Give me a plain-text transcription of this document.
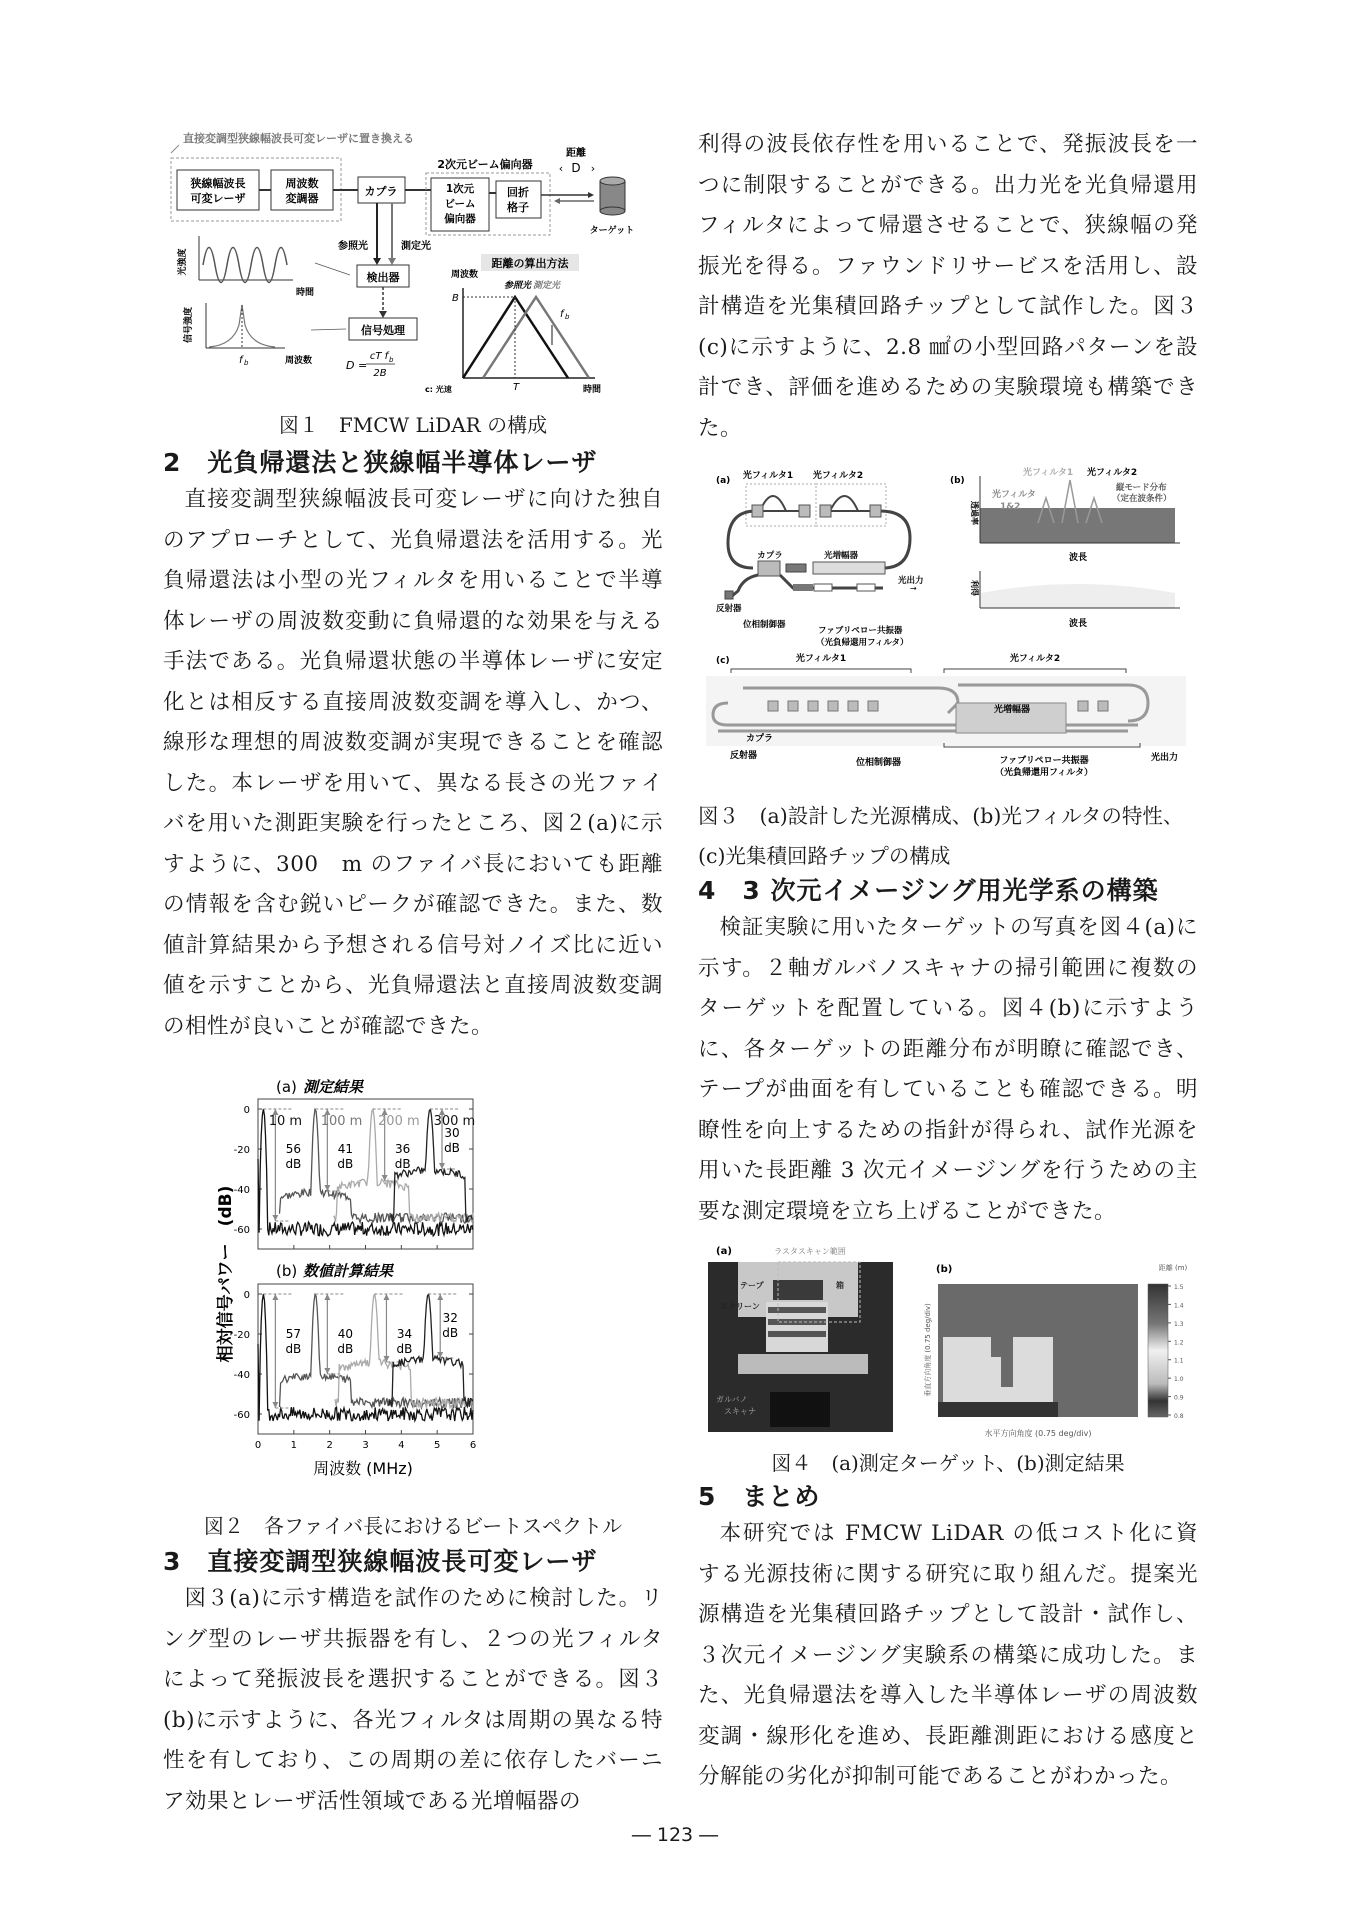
直接変調型狭線幅波長可変レーザに置き換える
狭線幅波長
可変レーザ
周波数
変調器
カプラ
2次元ビーム偏向器
1次元
ビーム
偏向器
回折
格子
距離
D
‹	›
ターゲット
参照光	測定光
検出器
信号処理
光強度
時間
信号強度
f b	周波数	D =
cT f b
2B
距離の算出方法
周波数
B
参照光 測定光
f b
T	時間
c: 光速

図１　FMCW LiDAR の構成

2　光負帰還法と狭線幅半導体レーザ

直接変調型狭線幅波長可変レーザに向けた独自のアプローチとして、光負帰還法を活用する。光負帰還法は小型の光フィルタを用いることで半導体レーザの周波数変動に負帰還的な効果を与える手法である。光負帰還状態の半導体レーザに安定化とは相反する直接周波数変調を導入し、かつ、線形な理想的周波数変調が実現できることを確認した。本レーザを用いて、異なる長さの光ファイバを用いた測距実験を行ったところ、図２(a)に示すように、300　m のファイバ長においても距離の情報を含む鋭いピークが確認できた。また、数値計算結果から予想される信号対ノイズ比に近い値を示すことから、光負帰還法と直接周波数変調の相性が良いことが確認できた。

(a) 測定結果
(b) 数値計算結果
相対信号パワー　(dB)
周波数 (MHz)
0
-20
-40
-60
56
dB
41
dB
36
dB
30
dB
10 m 100 m 200 m 300 m
0
-20
-40
-60
57
dB
40
dB
34
dB
32
dB
0	1	2	3	4	5	6

図２　各ファイバ長におけるビートスペクトル

3　直接変調型狭線幅波長可変レーザ

図３(a)に示す構造を試作のために検討した。リング型のレーザ共振器を有し、２つの光フィルタによって発振波長を選択することができる。図３(b)に示すように、各光フィルタは周期の異なる特性を有しており、この周期の差に依存したバーニア効果とレーザ活性領域である光増幅器の

利得の波長依存性を用いることで、発振波長を一つに制限することができる。出力光を光負帰還用フィルタによって帰還させることで、狭線幅の発振光を得る。ファウンドリサービスを活用し、設計構造を光集積回路チップとして試作した。図３(c)に示すように、2.8 ㎟の小型回路パターンを設計でき、評価を進めるための実験環境も構築できた。

(a) 光フィルタ1 光フィルタ2
カプラ	光増幅器
光出力
→
反射器
位相制御器
ファブリペロー共振器
（光負帰還用フィルタ）
(b)
光フィルタ1 光フィルタ2
光フィルタ
1&2
縦モード分布
（定在波条件）
透過率
波長
利得
波長
(c)	光フィルタ1	光フィルタ2
光増幅器
カプラ
反射器
位相制御器	ファブリペロー共振器
（光負帰還用フィルタ）
光出力

図３　(a)設計した光源構成、(b)光フィルタの特性、(c)光集積回路チップの構成

4　3 次元イメージング用光学系の構築

検証実験に用いたターゲットの写真を図４(a)に示す。２軸ガルバノスキャナの掃引範囲に複数のターゲットを配置している。図４(b)に示すように、各ターゲットの距離分布が明瞭に確認でき、テープが曲面を有していることも確認できる。明瞭性を向上するための指針が得られ、試作光源を用いた長距離 3 次元イメージングを行うための主要な測定環境を立ち上げることができた。

(a)	ラスタスキャン範囲
テープ	箱
スクリーン
ガルバノ
スキャナ
(b)
垂直方向角度 (0.75 deg/div)
水平方向角度 (0.75 deg/div)
距離 (m)
1.5
1.4
1.3
1.2
1.1
1.0
0.9
0.8

図４　(a)測定ターゲット、(b)測定結果

5　まとめ

本研究では FMCW LiDAR の低コスト化に資する光源技術に関する研究に取り組んだ。提案光源構造を光集積回路チップとして設計・試作し、３次元イメージング実験系の構築に成功した。また、光負帰還法を導入した半導体レーザの周波数変調・線形化を進め、長距離測距における感度と分解能の劣化が抑制可能であることがわかった。

― 123 ―
